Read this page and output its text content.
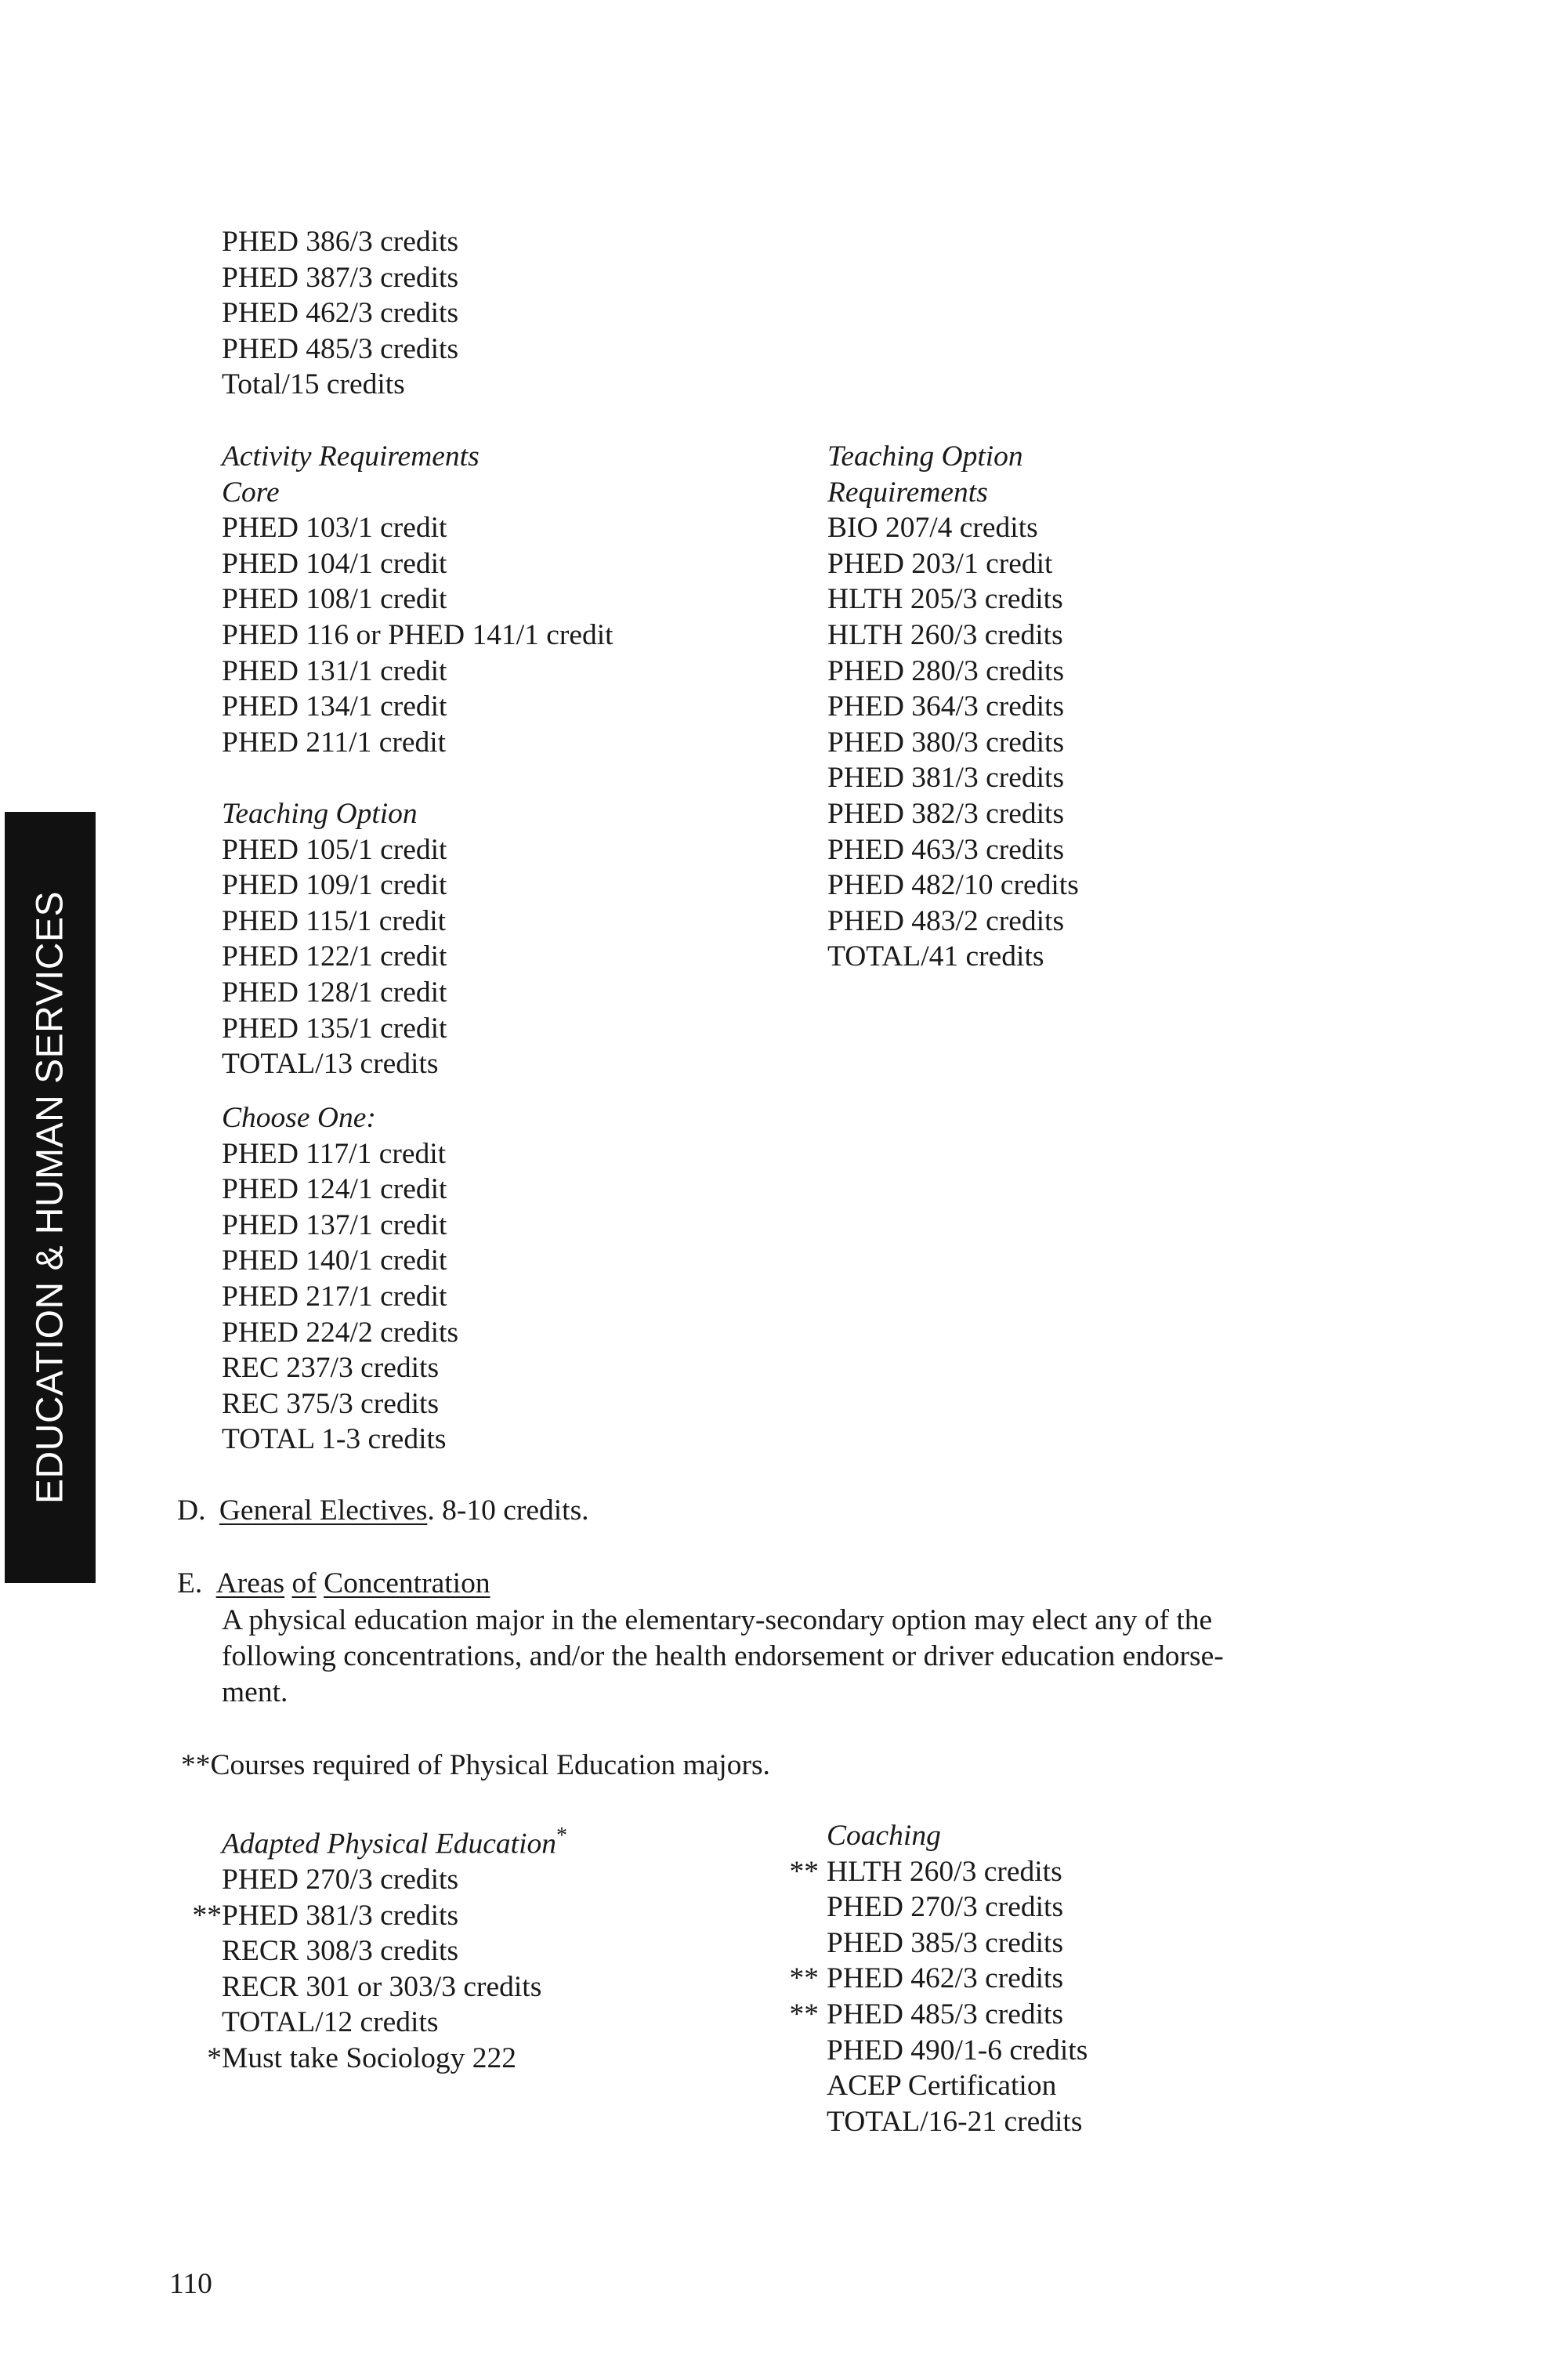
EDUCATION & HUMAN SERVICES
PHED 386/3 credits
PHED 387/3 credits
PHED 462/3 credits
PHED 485/3 credits
Total/15 credits
Activity Requirements
Core
PHED 103/1 credit
PHED 104/1 credit
PHED 108/1 credit
PHED 116 or PHED 141/1 credit
PHED 131/1 credit
PHED 134/1 credit
PHED 211/1 credit
Teaching Option
PHED 105/1 credit
PHED 109/1 credit
PHED 115/1 credit
PHED 122/1 credit
PHED 128/1 credit
PHED 135/1 credit
TOTAL/13 credits
Choose One:
PHED 117/1 credit
PHED 124/1 credit
PHED 137/1 credit
PHED 140/1 credit
PHED 217/1 credit
PHED 224/2 credits
REC 237/3 credits
REC 375/3 credits
TOTAL 1-3 credits
Teaching Option
Requirements
BIO 207/4 credits
PHED 203/1 credit
HLTH 205/3 credits
HLTH 260/3 credits
PHED 280/3 credits
PHED 364/3 credits
PHED 380/3 credits
PHED 381/3 credits
PHED 382/3 credits
PHED 463/3 credits
PHED 482/10 credits
PHED 483/2 credits
TOTAL/41 credits
D. General Electives. 8-10 credits.
E. Areas of Concentration
A physical education major in the elementary-secondary option may elect any of the
following concentrations, and/or the health endorsement or driver education endorse-
ment.
**Courses required of Physical Education majors.
Adapted Physical Education*
PHED 270/3 credits
**PHED 381/3 credits
RECR 308/3 credits
RECR 301 or 303/3 credits
TOTAL/12 credits
*Must take Sociology 222
Coaching
** HLTH 260/3 credits
PHED 270/3 credits
PHED 385/3 credits
** PHED 462/3 credits
** PHED 485/3 credits
PHED 490/1-6 credits
ACEP Certification
TOTAL/16-21 credits
110
